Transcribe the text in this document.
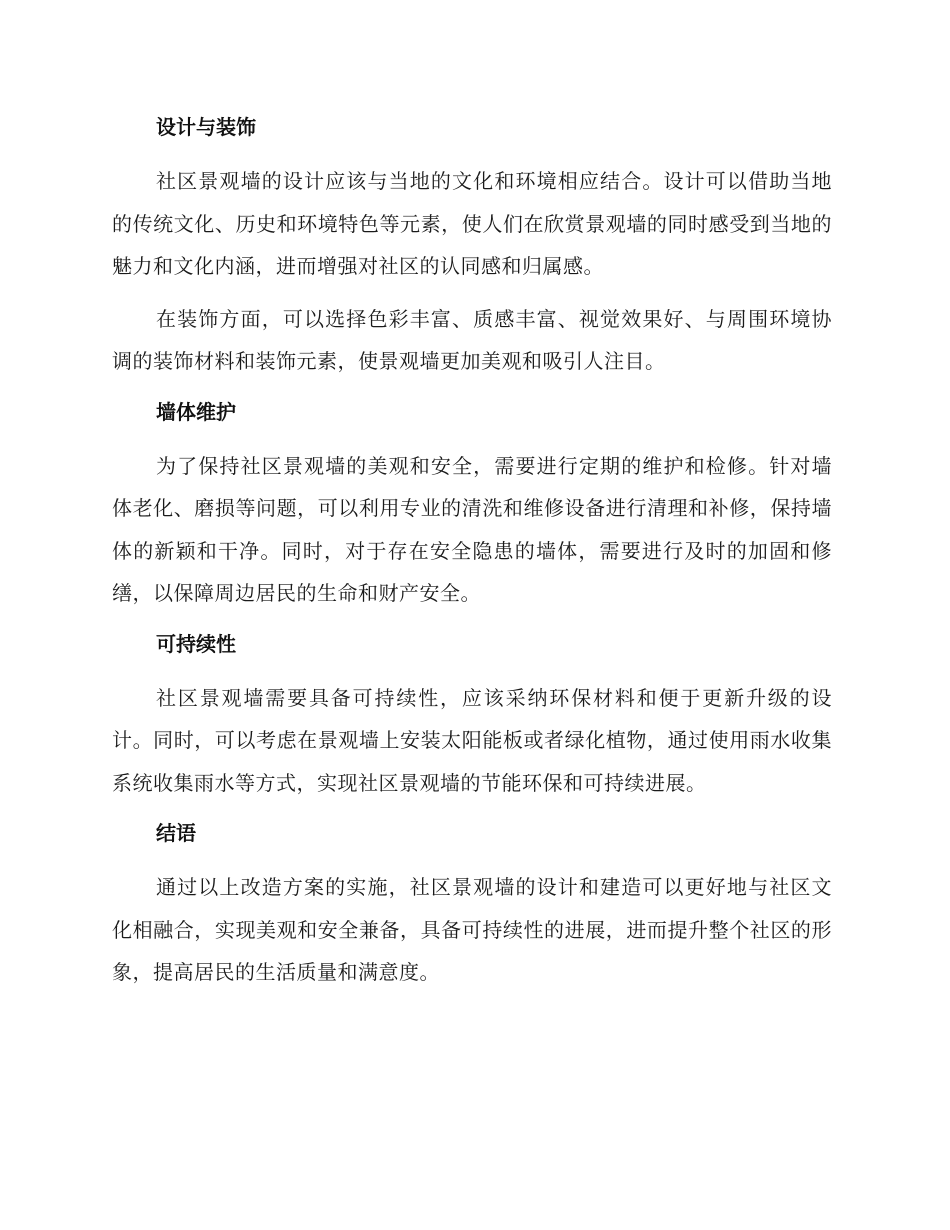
设计与装饰

社区景观墙的设计应该与当地的文化和环境相应结合。设计可以借助当地的传统文化、历史和环境特色等元素，使人们在欣赏景观墙的同时感受到当地的魅力和文化内涵，进而增强对社区的认同感和归属感。

在装饰方面，可以选择色彩丰富、质感丰富、视觉效果好、与周围环境协调的装饰材料和装饰元素，使景观墙更加美观和吸引人注目。

墙体维护

为了保持社区景观墙的美观和安全，需要进行定期的维护和检修。针对墙体老化、磨损等问题，可以利用专业的清洗和维修设备进行清理和补修，保持墙体的新颖和干净。同时，对于存在安全隐患的墙体，需要进行及时的加固和修缮，以保障周边居民的生命和财产安全。

可持续性

社区景观墙需要具备可持续性，应该采纳环保材料和便于更新升级的设计。同时，可以考虑在景观墙上安装太阳能板或者绿化植物，通过使用雨水收集系统收集雨水等方式，实现社区景观墙的节能环保和可持续进展。

结语

通过以上改造方案的实施，社区景观墙的设计和建造可以更好地与社区文化相融合，实现美观和安全兼备，具备可持续性的进展，进而提升整个社区的形象，提高居民的生活质量和满意度。
